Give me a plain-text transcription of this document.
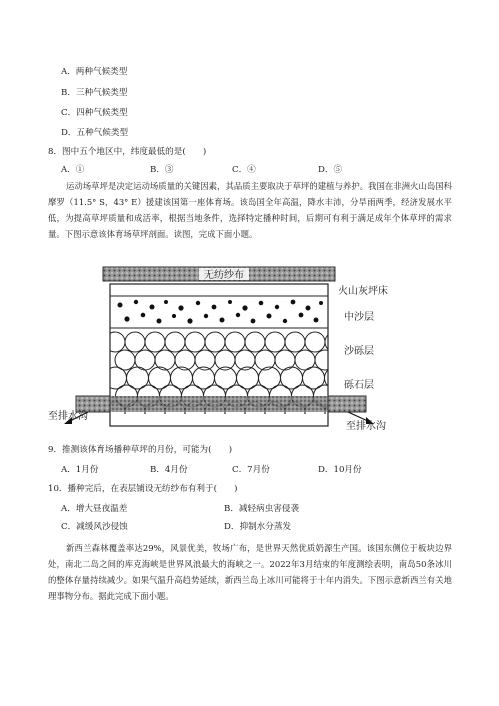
A．两种气候类型
B．三种气候类型
C．四种气候类型
D．五种气候类型
8．图中五个地区中，纬度最低的是(　　)
A．①	B．③	C．④	D．⑤
运动场草坪是决定运动场质量的关键因素，其品质主要取决于草坪的建植与养护。我国在非洲火山岛国科摩罗（11.5° S，43° E）援建该国第一座体育场。该岛国全年高温，降水丰沛，分旱雨两季，经济发展水平低，为提高草坪质量和成活率，根据当地条件，选择特定播种时间，后期可有利于满足成年个体草坪的需求量。下图示意该体育场草坪剖面。读图，完成下面小题。
无纺纱布
至排水沟
至排水沟
火山灰坪床
中沙层
沙砾层
砾石层
9．推测该体育场播种草坪的月份，可能为(　　)
A．1月份	B．4月份	C．7月份	D．10月份
10．播种完后，在表层铺设无纺纱布有利于(　　)
A．增大昼夜温差	B．减轻病虫害侵袭
C．减缓风沙侵蚀	D．抑制水分蒸发
新西兰森林覆盖率达29%，风景优美，牧场广布，是世界天然优质奶源生产国。该国东侧位于板块边界处，南北二岛之间的库克海峡是世界风浪最大的海峡之一。2022年3月结束的年度测绘表明，南岛50条冰川的整体存量持续减少。如果气温升高趋势延续，新西兰岛上冰川可能将于十年内消失。下图示意新西兰有关地理事物分布。据此完成下面小题。
